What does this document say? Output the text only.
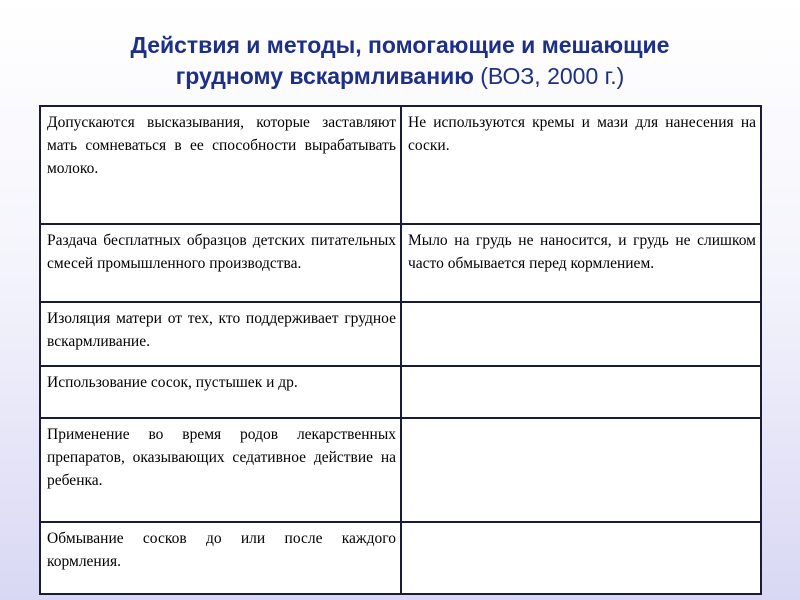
Действия и методы, помогающие и мешающие
грудному вскармливанию (ВОЗ, 2000 г.)
Допускаются высказывания, которые заставляют мать сомневаться в ее способности вырабатывать молоко.	Не используются кремы и мази для нанесения на соски.
Раздача бесплатных образцов детских питательных смесей промышленного производства.	Мыло на грудь не наносится, и грудь не слишком часто обмывается перед кормлением.
Изоляция матери от тех, кто поддерживает грудное вскармливание.	
Использование сосок, пустышек и др.	
Применение во время родов лекарственных препаратов, оказывающих седативное действие на ребенка.	
Обмывание сосков до или после каждого кормления.	
